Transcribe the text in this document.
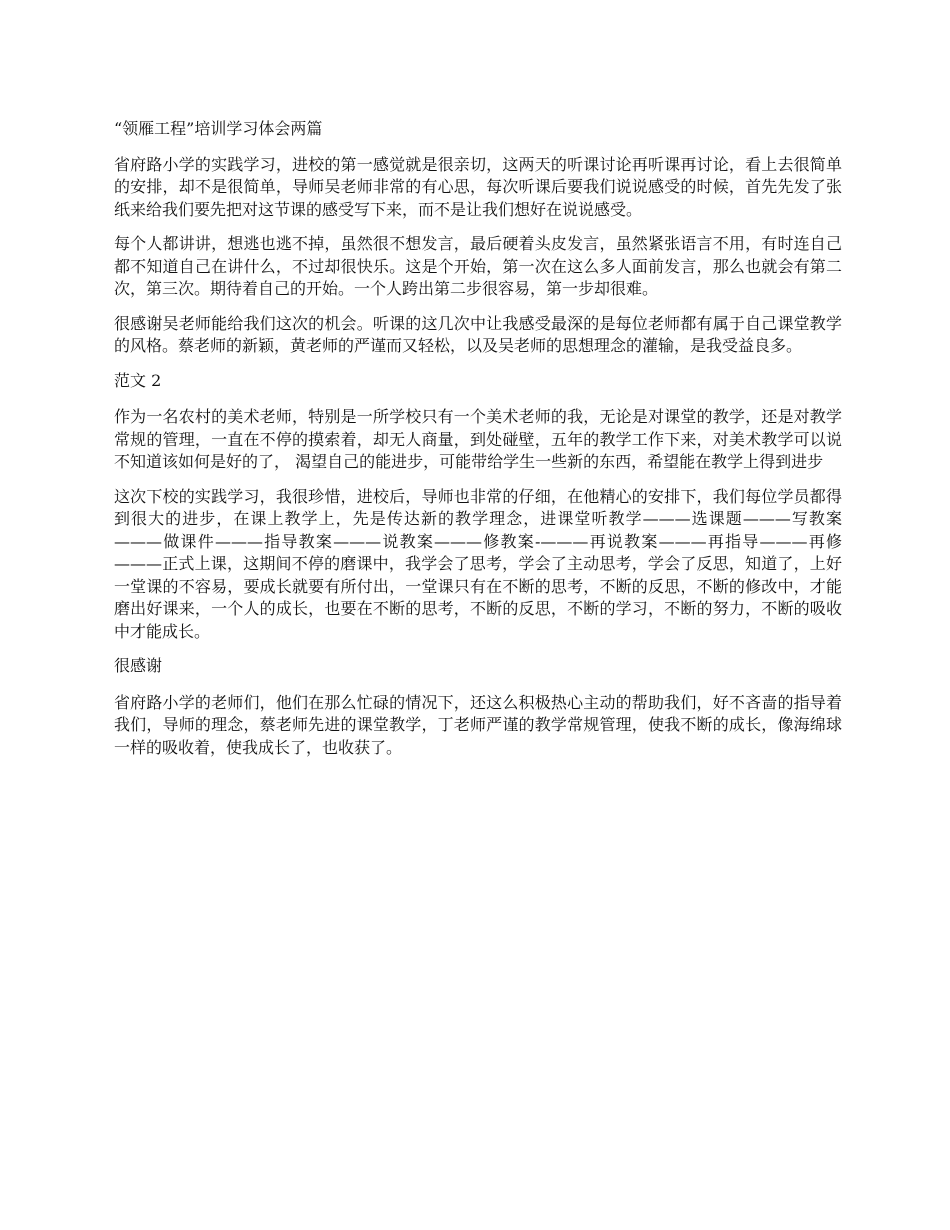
“领雁工程”培训学习体会两篇

省府路小学的实践学习，进校的第一感觉就是很亲切，这两天的听课讨论再听课再讨论，看上去很简单的安排，却不是很简单，导师吴老师非常的有心思，每次听课后要我们说说感受的时候，首先先发了张纸来给我们要先把对这节课的感受写下来，而不是让我们想好在说说感受。

每个人都讲讲，想逃也逃不掉，虽然很不想发言，最后硬着头皮发言，虽然紧张语言不用，有时连自己都不知道自己在讲什么，不过却很快乐。这是个开始，第一次在这么多人面前发言，那么也就会有第二次，第三次。期待着自己的开始。一个人跨出第二步很容易，第一步却很难。

很感谢吴老师能给我们这次的机会。听课的这几次中让我感受最深的是每位老师都有属于自己课堂教学的风格。蔡老师的新颖，黄老师的严谨而又轻松，以及吴老师的思想理念的灌输，是我受益良多。

范文 2

作为一名农村的美术老师，特别是一所学校只有一个美术老师的我，无论是对课堂的教学，还是对教学常规的管理，一直在不停的摸索着，却无人商量，到处碰壁，五年的教学工作下来，对美术教学可以说不知道该如何是好的了， 渴望自己的能进步，可能带给学生一些新的东西，希望能在教学上得到进步

这次下校的实践学习，我很珍惜，进校后，导师也非常的仔细，在他精心的安排下，我们每位学员都得到很大的进步，在课上教学上，先是传达新的教学理念，进课堂听教学———选课题———写教案———做课件———指导教案———说教案———修教案-———再说教案———再指导———再修———正式上课，这期间不停的磨课中，我学会了思考，学会了主动思考，学会了反思，知道了，上好一堂课的不容易，要成长就要有所付出，一堂课只有在不断的思考，不断的反思，不断的修改中，才能磨出好课来，一个人的成长，也要在不断的思考，不断的反思，不断的学习，不断的努力，不断的吸收中才能成长。

很感谢

省府路小学的老师们，他们在那么忙碌的情况下，还这么积极热心主动的帮助我们，好不吝啬的指导着我们，导师的理念，蔡老师先进的课堂教学，丁老师严谨的教学常规管理，使我不断的成长，像海绵球一样的吸收着，使我成长了，也收获了。
